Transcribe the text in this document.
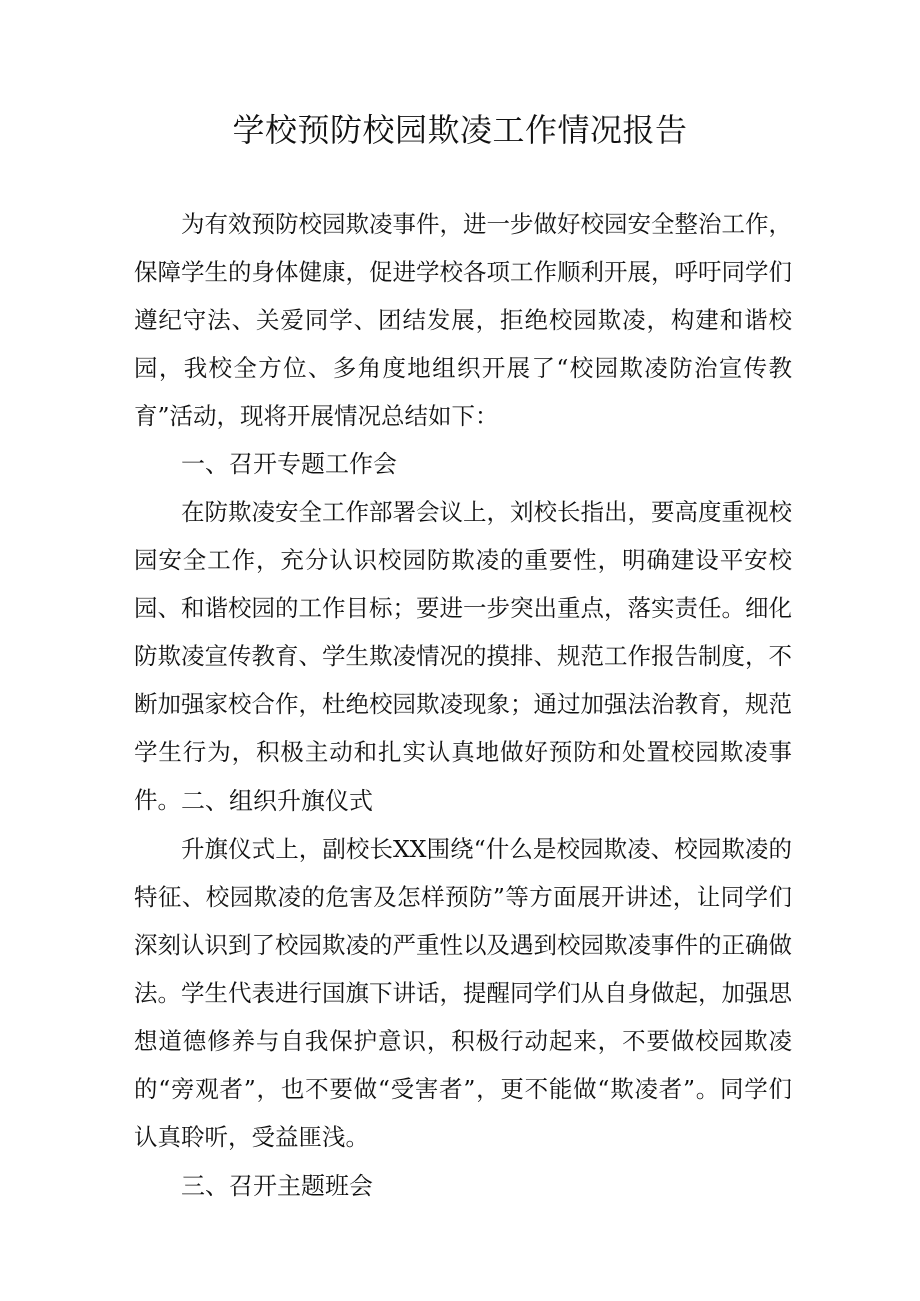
学校预防校园欺凌工作情况报告

为有效预防校园欺凌事件，进一步做好校园安全整治工作，保障学生的身体健康，促进学校各项工作顺利开展，呼吁同学们遵纪守法、关爱同学、团结发展，拒绝校园欺凌，构建和谐校园，我校全方位、多角度地组织开展了“校园欺凌防治宣传教育”活动，现将开展情况总结如下：

一、召开专题工作会

在防欺凌安全工作部署会议上，刘校长指出，要高度重视校园安全工作，充分认识校园防欺凌的重要性，明确建设平安校园、和谐校园的工作目标；要进一步突出重点，落实责任。细化防欺凌宣传教育、学生欺凌情况的摸排、规范工作报告制度，不断加强家校合作，杜绝校园欺凌现象；通过加强法治教育，规范学生行为，积极主动和扎实认真地做好预防和处置校园欺凌事件。 二、组织升旗仪式

升旗仪式上，副校长XX围绕“什么是校园欺凌、校园欺凌的特征、校园欺凌的危害及怎样预防”等方面展开讲述，让同学们深刻认识到了校园欺凌的严重性以及遇到校园欺凌事件的正确做法。 学生代表进行国旗下讲话，提醒同学们从自身做起，加强思想道德修养与自我保护意识，积极行动起来，不要做校园欺凌的“旁观者”，也不要做“受害者”，更不能做“欺凌者”。同学们认真聆听，受益匪浅。

三、召开主题班会
